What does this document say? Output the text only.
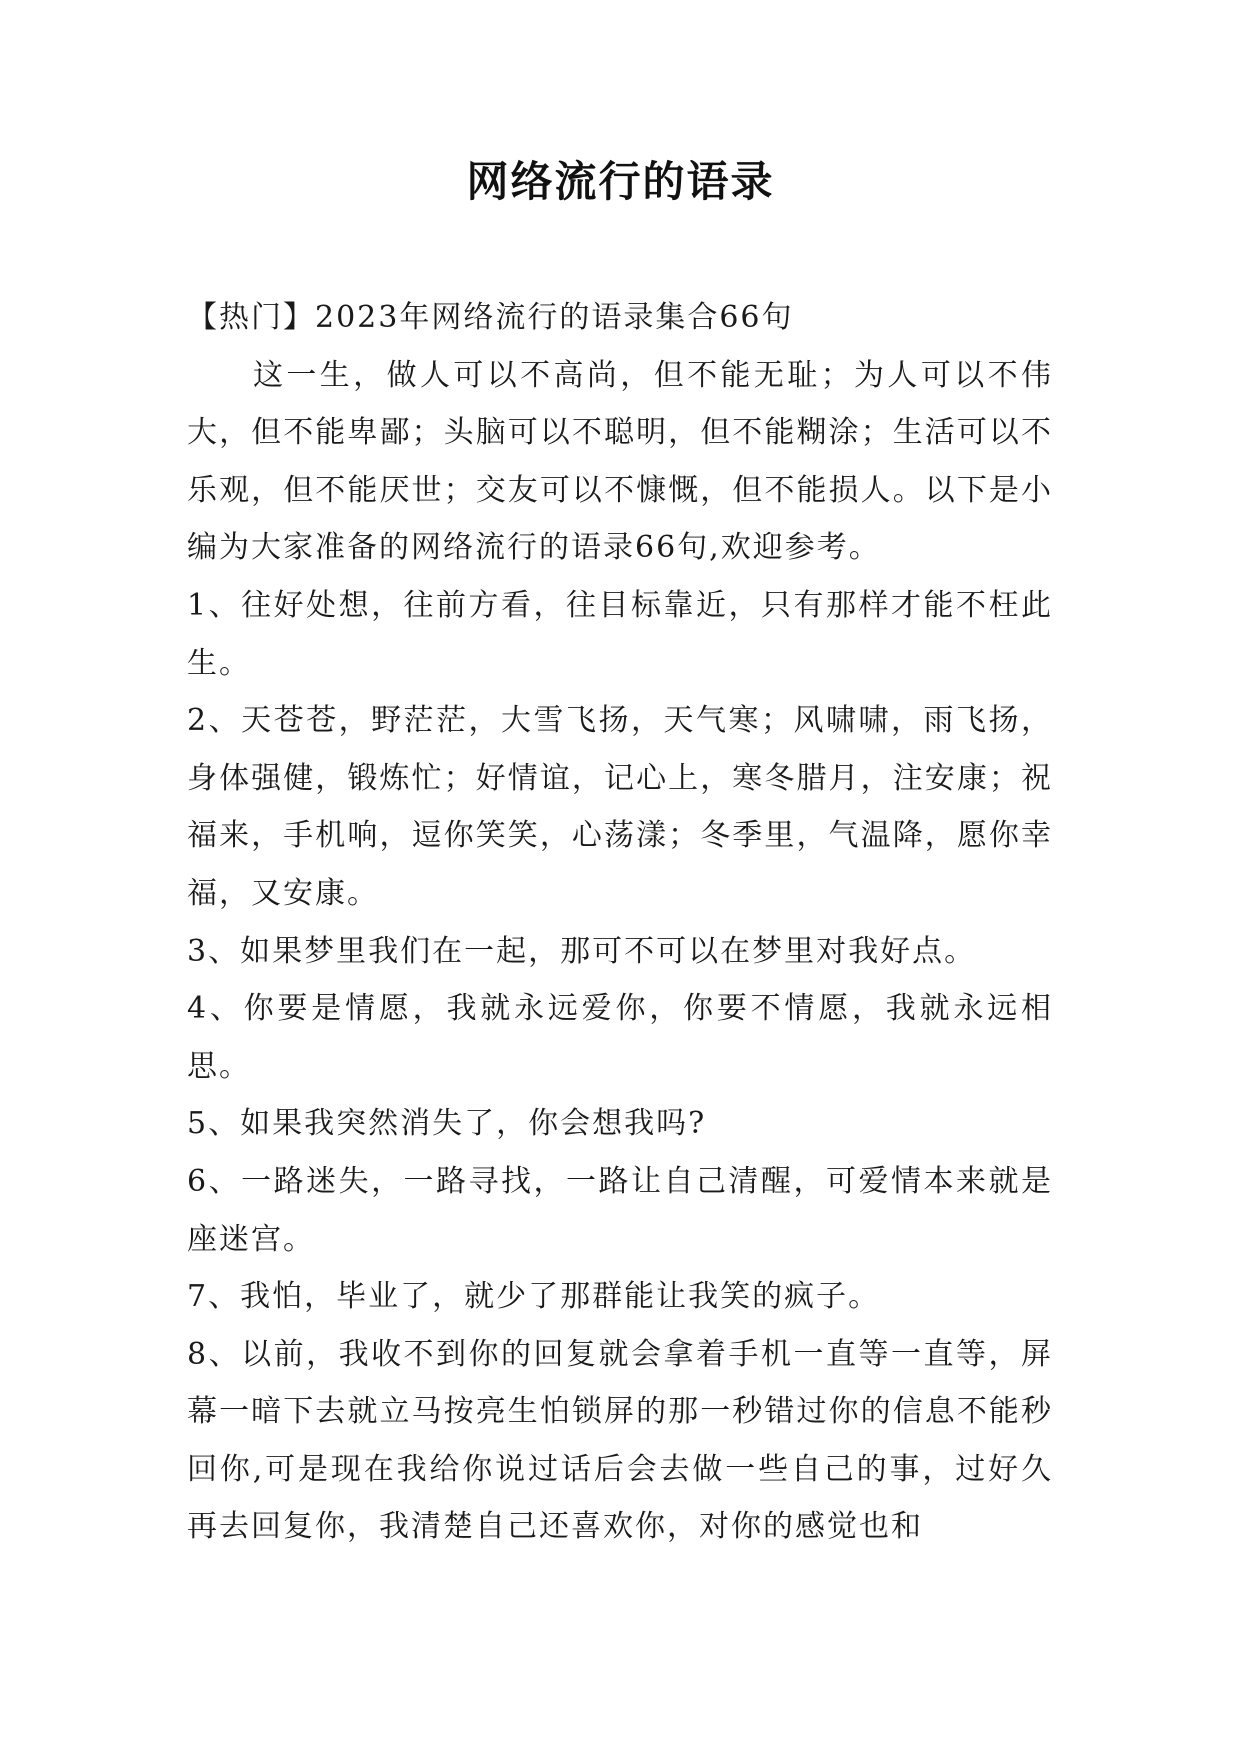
网络流行的语录

【热门】2023年网络流行的语录集合66句

这一生，做人可以不高尚，但不能无耻；为人可以不伟大，但不能卑鄙；头脑可以不聪明，但不能糊涂；生活可以不乐观，但不能厌世；交友可以不慷慨，但不能损人。以下是小编为大家准备的网络流行的语录66句,欢迎参考。

1、往好处想，往前方看，往目标靠近，只有那样才能不枉此生。

2、天苍苍，野茫茫，大雪飞扬，天气寒；风啸啸，雨飞扬，身体强健，锻炼忙；好情谊，记心上，寒冬腊月，注安康；祝福来，手机响，逗你笑笑，心荡漾；冬季里，气温降，愿你幸福，又安康。

3、如果梦里我们在一起，那可不可以在梦里对我好点。

4、你要是情愿，我就永远爱你，你要不情愿，我就永远相思。

5、如果我突然消失了，你会想我吗?

6、一路迷失，一路寻找，一路让自己清醒，可爱情本来就是座迷宫。

7、我怕，毕业了，就少了那群能让我笑的疯子。

8、以前，我收不到你的回复就会拿着手机一直等一直等，屏幕一暗下去就立马按亮生怕锁屏的那一秒错过你的信息不能秒回你,可是现在我给你说过话后会去做一些自己的事，过好久再去回复你，我清楚自己还喜欢你，对你的感觉也和
